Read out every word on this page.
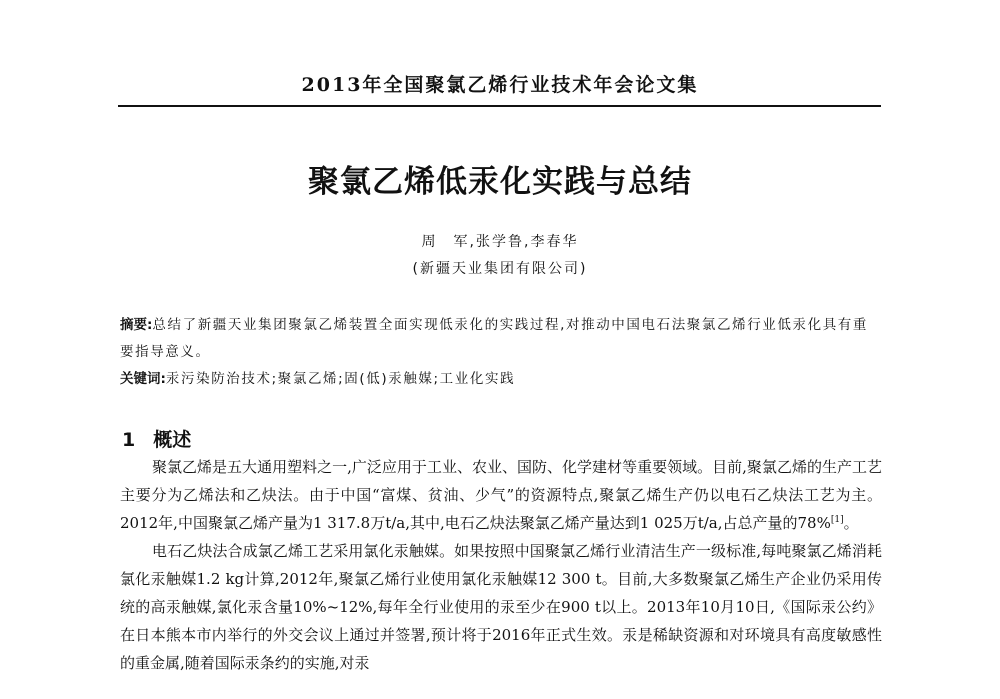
2013年全国聚氯乙烯行业技术年会论文集
聚氯乙烯低汞化实践与总结
周　军,张学鲁,李春华
(新疆天业集团有限公司)
摘要:总结了新疆天业集团聚氯乙烯装置全面实现低汞化的实践过程,对推动中国电石法聚氯乙烯行业低汞化具有重要指导意义。
关键词:汞污染防治技术;聚氯乙烯;固(低)汞触媒;工业化实践
1 概述

聚氯乙烯是五大通用塑料之一,广泛应用于工业、农业、国防、化学建材等重要领域。目前,聚氯乙烯的生产工艺主要分为乙烯法和乙炔法。由于中国“富煤、贫油、少气”的资源特点,聚氯乙烯生产仍以电石乙炔法工艺为主。2012年,中国聚氯乙烯产量为1 317.8万t/a,其中,电石乙炔法聚氯乙烯产量达到1 025万t/a,占总产量的78%[1]。

电石乙炔法合成氯乙烯工艺采用氯化汞触媒。如果按照中国聚氯乙烯行业清洁生产一级标准,每吨聚氯乙烯消耗氯化汞触媒1.2 kg计算,2012年,聚氯乙烯行业使用氯化汞触媒12 300 t。目前,大多数聚氯乙烯生产企业仍采用传统的高汞触媒,氯化汞含量10%~12%,每年全行业使用的汞至少在900 t以上。2013年10月10日,《国际汞公约》在日本熊本市内举行的外交会议上通过并签署,预计将于2016年正式生效。汞是稀缺资源和对环境具有高度敏感性的重金属,随着国际汞条约的实施,对汞
